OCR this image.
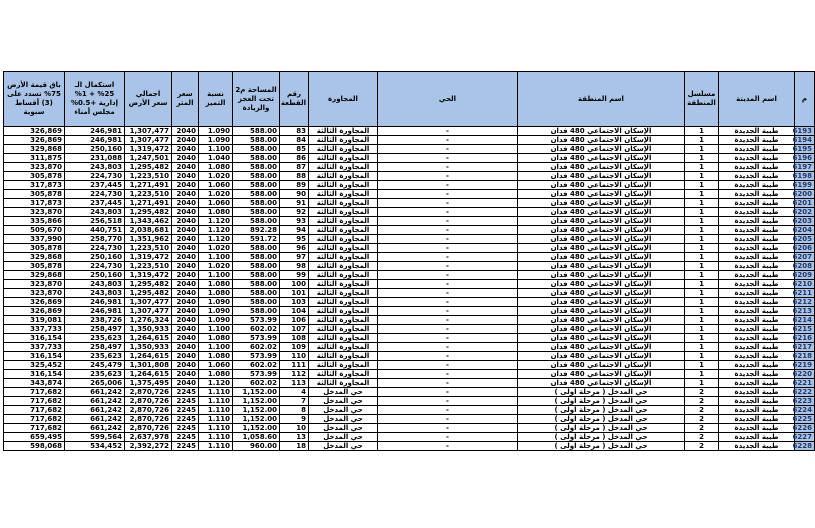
م	اسم المدينة	مسلسل المنطقة	اسم المنطقة	الحي	المجاورة	رقم القطعة	المساحة م2 تحت العجز والزيادة	نسبة التميز	سعر المتر	اجمالي سعر الأرض	استكمال الـ 25% + 1% إدارية +0.5% مجلس أمناء	باق قيمة الأرض 75% تسدد على (3) أقساط سنوية
6193	طيبة الجديدة	1	الإسكان الاجتماعي 480 فدان	-	المجاورة الثالثة	83	588.00	1.090	2040	1,307,477	246,981	326,869
6194	طيبة الجديدة	1	الإسكان الاجتماعي 480 فدان	-	المجاورة الثالثة	84	588.00	1.090	2040	1,307,477	246,981	326,869
6195	طيبة الجديدة	1	الإسكان الاجتماعي 480 فدان	-	المجاورة الثالثة	85	588.00	1.100	2040	1,319,472	250,160	329,868
6196	طيبة الجديدة	1	الإسكان الاجتماعي 480 فدان	-	المجاورة الثالثة	86	588.00	1.040	2040	1,247,501	231,088	311,875
6197	طيبة الجديدة	1	الإسكان الاجتماعي 480 فدان	-	المجاورة الثالثة	87	588.00	1.080	2040	1,295,482	243,803	323,870
6198	طيبة الجديدة	1	الإسكان الاجتماعي 480 فدان	-	المجاورة الثالثة	88	588.00	1.020	2040	1,223,510	224,730	305,878
6199	طيبة الجديدة	1	الإسكان الاجتماعي 480 فدان	-	المجاورة الثالثة	89	588.00	1.060	2040	1,271,491	237,445	317,873
6200	طيبة الجديدة	1	الإسكان الاجتماعي 480 فدان	-	المجاورة الثالثة	90	588.00	1.020	2040	1,223,510	224,730	305,878
6201	طيبة الجديدة	1	الإسكان الاجتماعي 480 فدان	-	المجاورة الثالثة	91	588.00	1.060	2040	1,271,491	237,445	317,873
6202	طيبة الجديدة	1	الإسكان الاجتماعي 480 فدان	-	المجاورة الثالثة	92	588.00	1.080	2040	1,295,482	243,803	323,870
6203	طيبة الجديدة	1	الإسكان الاجتماعي 480 فدان	-	المجاورة الثالثة	93	588.00	1.120	2040	1,343,462	256,518	335,866
6204	طيبة الجديدة	1	الإسكان الاجتماعي 480 فدان	-	المجاورة الثالثة	94	892.28	1.120	2040	2,038,681	440,751	509,670
6205	طيبة الجديدة	1	الإسكان الاجتماعي 480 فدان	-	المجاورة الثالثة	95	591.72	1.120	2040	1,351,962	258,770	337,990
6206	طيبة الجديدة	1	الإسكان الاجتماعي 480 فدان	-	المجاورة الثالثة	96	588.00	1.020	2040	1,223,510	224,730	305,878
6207	طيبة الجديدة	1	الإسكان الاجتماعي 480 فدان	-	المجاورة الثالثة	97	588.00	1.100	2040	1,319,472	250,160	329,868
6208	طيبة الجديدة	1	الإسكان الاجتماعي 480 فدان	-	المجاورة الثالثة	98	588.00	1.020	2040	1,223,510	224,730	305,878
6209	طيبة الجديدة	1	الإسكان الاجتماعي 480 فدان	-	المجاورة الثالثة	99	588.00	1.100	2040	1,319,472	250,160	329,868
6210	طيبة الجديدة	1	الإسكان الاجتماعي 480 فدان	-	المجاورة الثالثة	100	588.00	1.080	2040	1,295,482	243,803	323,870
6211	طيبة الجديدة	1	الإسكان الاجتماعي 480 فدان	-	المجاورة الثالثة	101	588.00	1.080	2040	1,295,482	243,803	323,870
6212	طيبة الجديدة	1	الإسكان الاجتماعي 480 فدان	-	المجاورة الثالثة	103	588.00	1.090	2040	1,307,477	246,981	326,869
6213	طيبة الجديدة	1	الإسكان الاجتماعي 480 فدان	-	المجاورة الثالثة	104	588.00	1.090	2040	1,307,477	246,981	326,869
6214	طيبة الجديدة	1	الإسكان الاجتماعي 480 فدان	-	المجاورة الثالثة	106	573.99	1.090	2040	1,276,324	238,726	319,081
6215	طيبة الجديدة	1	الإسكان الاجتماعي 480 فدان	-	المجاورة الثالثة	107	602.02	1.100	2040	1,350,933	258,497	337,733
6216	طيبة الجديدة	1	الإسكان الاجتماعي 480 فدان	-	المجاورة الثالثة	108	573.99	1.080	2040	1,264,615	235,623	316,154
6217	طيبة الجديدة	1	الإسكان الاجتماعي 480 فدان	-	المجاورة الثالثة	109	602.02	1.100	2040	1,350,933	258,497	337,733
6218	طيبة الجديدة	1	الإسكان الاجتماعي 480 فدان	-	المجاورة الثالثة	110	573.99	1.080	2040	1,264,615	235,623	316,154
6219	طيبة الجديدة	1	الإسكان الاجتماعي 480 فدان	-	المجاورة الثالثة	111	602.02	1.060	2040	1,301,808	245,479	325,452
6220	طيبة الجديدة	1	الإسكان الاجتماعي 480 فدان	-	المجاورة الثالثة	112	573.99	1.080	2040	1,264,615	235,623	316,154
6221	طيبة الجديدة	1	الإسكان الاجتماعي 480 فدان	-	المجاورة الثالثة	113	602.02	1.120	2040	1,375,495	265,006	343,874
6222	طيبة الجديدة	2	حي المدخل ( مرحلة اولى )	-	حي المدخل	4	1,152.00	1.110	2245	2,870,726	661,242	717,682
6223	طيبة الجديدة	2	حي المدخل ( مرحلة اولى )	-	حي المدخل	7	1,152.00	1.110	2245	2,870,726	661,242	717,682
6224	طيبة الجديدة	2	حي المدخل ( مرحلة اولى )	-	حي المدخل	8	1,152.00	1.110	2245	2,870,726	661,242	717,682
6225	طيبة الجديدة	2	حي المدخل ( مرحلة اولى )	-	حي المدخل	9	1,152.00	1.110	2245	2,870,726	661,242	717,682
6226	طيبة الجديدة	2	حي المدخل ( مرحلة اولى )	-	حي المدخل	10	1,152.00	1.110	2245	2,870,726	661,242	717,682
6227	طيبة الجديدة	2	حي المدخل ( مرحلة اولى )	-	حي المدخل	13	1,058.60	1.110	2245	2,637,978	599,564	659,495
6228	طيبة الجديدة	2	حي المدخل ( مرحلة اولى )	-	حي المدخل	18	960.00	1.110	2245	2,392,272	534,452	598,068
